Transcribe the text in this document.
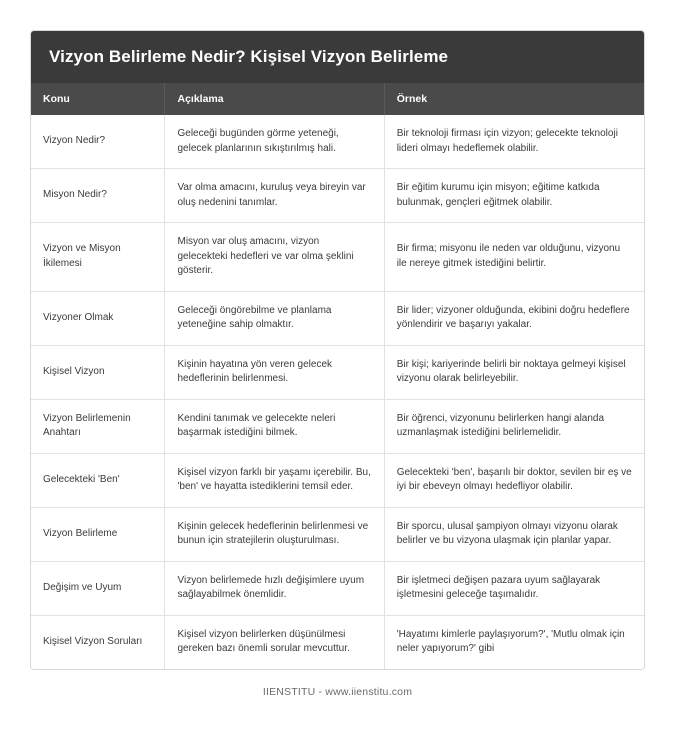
Vizyon Belirleme Nedir? Kişisel Vizyon Belirleme
Konu	Açıklama	Örnek
Vizyon Nedir?	Geleceği bugünden görme yeteneği, gelecek planlarının sıkıştırılmış hali.	Bir teknoloji firması için vizyon; gelecekte teknoloji lideri olmayı hedeflemek olabilir.
Misyon Nedir?	Var olma amacını, kuruluş veya bireyin var oluş nedenini tanımlar.	Bir eğitim kurumu için misyon; eğitime katkıda bulunmak, gençleri eğitmek olabilir.
Vizyon ve Misyon İkilemesi	Misyon var oluş amacını, vizyon gelecekteki hedefleri ve var olma şeklini gösterir.	Bir firma; misyonu ile neden var olduğunu, vizyonu ile nereye gitmek istediğini belirtir.
Vizyoner Olmak	Geleceği öngörebilme ve planlama yeteneğine sahip olmaktır.	Bir lider; vizyoner olduğunda, ekibini doğru hedeflere yönlendirir ve başarıyı yakalar.
Kişisel Vizyon	Kişinin hayatına yön veren gelecek hedeflerinin belirlenmesi.	Bir kişi; kariyerinde belirli bir noktaya gelmeyi kişisel vizyonu olarak belirleyebilir.
Vizyon Belirlemenin Anahtarı	Kendini tanımak ve gelecekte neleri başarmak istediğini bilmek.	Bir öğrenci, vizyonunu belirlerken hangi alanda uzmanlaşmak istediğini belirlemelidir.
Gelecekteki 'Ben'	Kişisel vizyon farklı bir yaşamı içerebilir. Bu, 'ben' ve hayatta istediklerini temsil eder.	Gelecekteki 'ben', başarılı bir doktor, sevilen bir eş ve iyi bir ebeveyn olmayı hedefliyor olabilir.
Vizyon Belirleme	Kişinin gelecek hedeflerinin belirlenmesi ve bunun için stratejilerin oluşturulması.	Bir sporcu, ulusal şampiyon olmayı vizyonu olarak belirler ve bu vizyona ulaşmak için planlar yapar.
Değişim ve Uyum	Vizyon belirlemede hızlı değişimlere uyum sağlayabilmek önemlidir.	Bir işletmeci değişen pazara uyum sağlayarak işletmesini geleceğe taşımalıdır.
Kişisel Vizyon Soruları	Kişisel vizyon belirlerken düşünülmesi gereken bazı önemli sorular mevcuttur.	'Hayatımı kimlerle paylaşıyorum?', 'Mutlu olmak için neler yapıyorum?' gibi
IIENSTITU - www.iienstitu.com
